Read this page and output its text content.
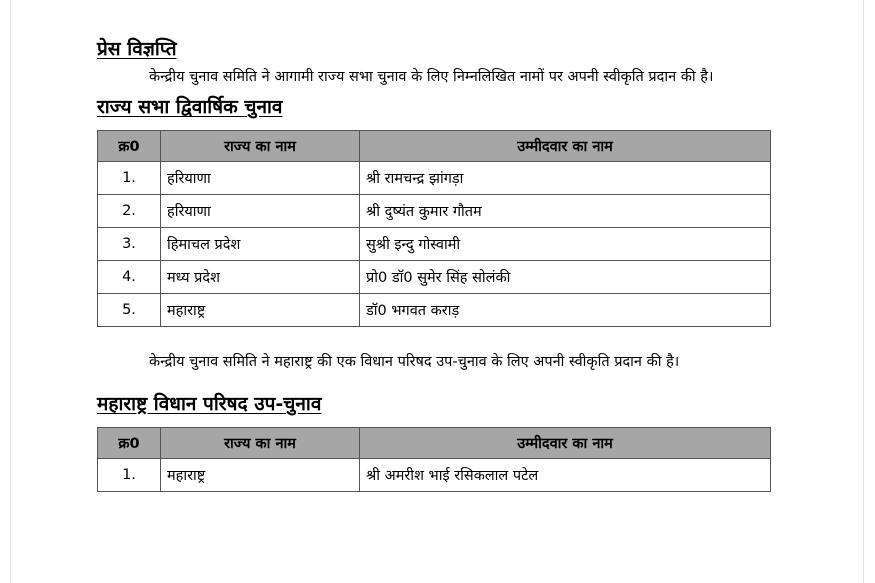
प्रेस विज्ञप्ति

केन्द्रीय चुनाव समिति ने आगामी राज्य सभा चुनाव के लिए निम्नलिखित नामों पर अपनी स्वीकृति प्रदान की है।

राज्य सभा द्विवार्षिक चुनाव
क्र0	राज्य का नाम	उम्मीदवार का नाम
1.	हरियाणा	श्री रामचन्द्र झांगड़ा
2.	हरियाणा	श्री दुष्यंत कुमार गौतम
3.	हिमाचल प्रदेश	सुश्री इन्दु गोस्वामी
4.	मध्य प्रदेश	प्रो0 डॉ0 सुमेर सिंह सोलंकी
5.	महाराष्ट्र	डॉ0 भगवत कराड़

केन्द्रीय चुनाव समिति ने महाराष्ट्र की एक विधान परिषद उप-चुनाव के लिए अपनी स्वीकृति प्रदान की है।

महाराष्ट्र विधान परिषद उप-चुनाव
क्र0	राज्य का नाम	उम्मीदवार का नाम
1.	महाराष्ट्र	श्री अमरीश भाई रसिकलाल पटेल
